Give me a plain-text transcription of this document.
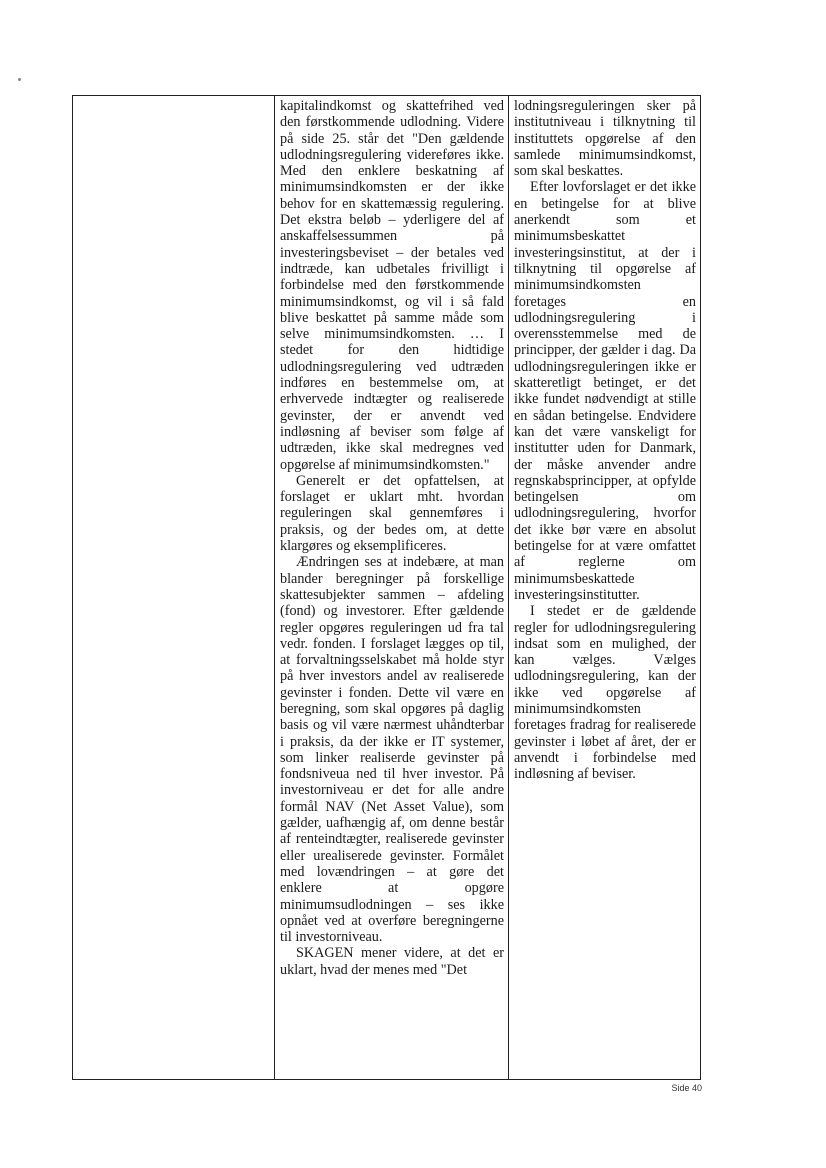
kapitalindkomst og skattefrihed ved den førstkommende udlodning. Videre på side 25. står det "Den gældende udlodningsregulering videreføres ikke. Med den enklere beskatning af minimumsindkomsten er der ikke behov for en skattemæssig regulering. Det ekstra beløb – yderligere del af anskaffelsessummen på investeringsbeviset – der betales ved indtræde, kan udbetales frivilligt i forbindelse med den førstkommende minimumsindkomst, og vil i så fald blive beskattet på samme måde som selve minimumsindkomsten. … I stedet for den hidtidige udlodningsregulering ved udtræden indføres en bestemmelse om, at erhvervede indtægter og realiserede gevinster, der er anvendt ved indløsning af beviser som følge af udtræden, ikke skal medregnes ved opgørelse af minimumsindkomsten."

Generelt er det opfattelsen, at forslaget er uklart mht. hvordan reguleringen skal gennemføres i praksis, og der bedes om, at dette klargøres og eksemplificeres.

Ændringen ses at indebære, at man blander beregninger på forskellige skattesubjekter sammen – afdeling (fond) og investorer. Efter gældende regler opgøres reguleringen ud fra tal vedr. fonden. I forslaget lægges op til, at forvaltningsselskabet må holde styr på hver investors andel av realiserede gevinster i fonden. Dette vil være en beregning, som skal opgøres på daglig basis og vil være nærmest uhåndterbar i praksis, da der ikke er IT systemer, som linker realiserde gevinster på fondsniveua ned til hver investor. På investorniveau er det for alle andre formål NAV (Net Asset Value), som gælder, uafhængig af, om denne består af renteindtægter, realiserede gevinster eller urealiserede gevinster. Formålet med lovændringen – at gøre det enklere at opgøre minimumsudlodningen – ses ikke opnået ved at overføre beregningerne til investorniveau.

SKAGEN mener videre, at det er uklart, hvad der menes med "Det

lodningsreguleringen sker på institutniveau i tilknytning til instituttets opgørelse af den samlede minimumsindkomst, som skal beskattes.

Efter lovforslaget er det ikke en betingelse for at blive anerkendt som et minimumsbeskattet investeringsinstitut, at der i tilknytning til opgørelse af minimumsindkomsten foretages en udlodningsregulering i overensstemmelse med de principper, der gælder i dag. Da udlodningsreguleringen ikke er skatteretligt betinget, er det ikke fundet nødvendigt at stille en sådan betingelse. Endvidere kan det være vanskeligt for institutter uden for Danmark, der måske anvender andre regnskabsprincipper, at opfylde betingelsen om udlodningsregulering, hvorfor det ikke bør være en absolut betingelse for at være omfattet af reglerne om minimumsbeskattede investeringsinstitutter.

I stedet er de gældende regler for udlodningsregulering indsat som en mulighed, der kan vælges. Vælges udlodningsregulering, kan der ikke ved opgørelse af minimumsindkomsten foretages fradrag for realiserede gevinster i løbet af året, der er anvendt i forbindelse med indløsning af beviser.

Side 40
